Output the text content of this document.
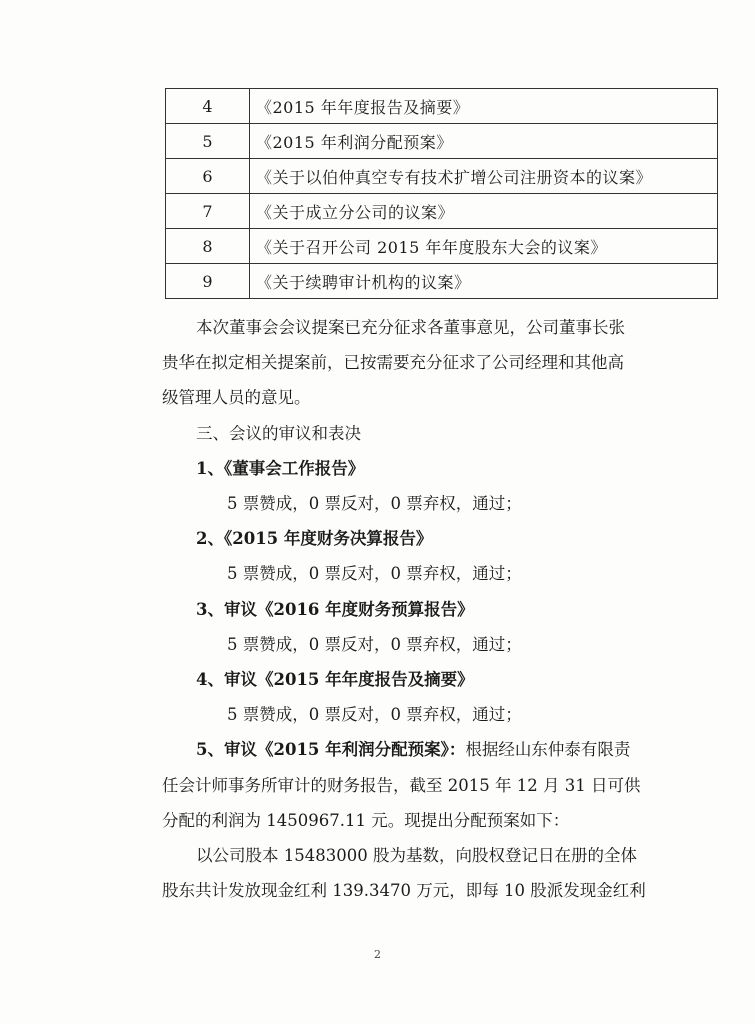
4	《2015 年年度报告及摘要》
5	《2015 年利润分配预案》
6	《关于以伯仲真空专有技术扩增公司注册资本的议案》
7	《关于成立分公司的议案》
8	《关于召开公司 2015 年年度股东大会的议案》
9	《关于续聘审计机构的议案》

本次董事会会议提案已充分征求各董事意见，公司董事长张

贵华在拟定相关提案前，已按需要充分征求了公司经理和其他高

级管理人员的意见。

三、会议的审议和表决

1、《董事会工作报告》

5 票赞成，0 票反对，0 票弃权，通过；

2、《2015 年度财务决算报告》

5 票赞成，0 票反对，0 票弃权，通过；

3、审议《2016 年度财务预算报告》

5 票赞成，0 票反对，0 票弃权，通过；

4、审议《2015 年年度报告及摘要》

5 票赞成，0 票反对，0 票弃权，通过；

5、审议《2015 年利润分配预案》：根据经山东仲泰有限责

任会计师事务所审计的财务报告，截至 2015 年 12 月 31 日可供

分配的利润为 1450967.11 元。现提出分配预案如下：

以公司股本 15483000 股为基数，向股权登记日在册的全体

股东共计发放现金红利 139.3470 万元，即每 10 股派发现金红利

2
